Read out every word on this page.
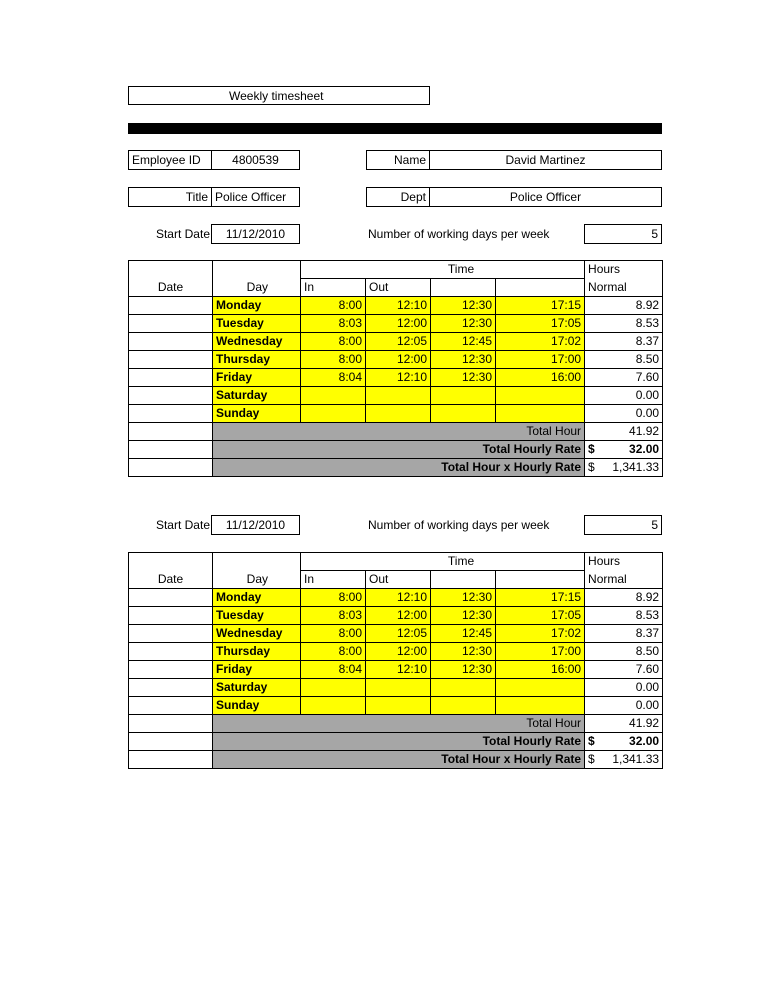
Weekly timesheet
Employee ID	4800539	Name	David Martinez
Title Police Officer	Dept	Police Officer
Start Date 11/12/2010	Number of working days per week	5
		Time				Hours
Date	Day	In	Out			Normal
	Monday	8:00	12:10	12:30	17:15	8.92
	Tuesday	8:03	12:00	12:30	17:05	8.53
	Wednesday	8:00	12:05	12:45	17:02	8.37
	Thursday	8:00	12:00	12:30	17:00	8.50
	Friday	8:04	12:10	12:30	16:00	7.60
	Saturday					0.00
	Sunday					0.00
	Total Hour					41.92
	Total Hourly Rate					$ 32.00
	Total Hour x Hourly Rate					$ 1,341.33
Start Date 11/12/2010	Number of working days per week	5
		Time				Hours
Date	Day	In	Out			Normal
	Monday	8:00	12:10	12:30	17:15	8.92
	Tuesday	8:03	12:00	12:30	17:05	8.53
	Wednesday	8:00	12:05	12:45	17:02	8.37
	Thursday	8:00	12:00	12:30	17:00	8.50
	Friday	8:04	12:10	12:30	16:00	7.60
	Saturday					0.00
	Sunday					0.00
	Total Hour					41.92
	Total Hourly Rate					$ 32.00
	Total Hour x Hourly Rate					$ 1,341.33
